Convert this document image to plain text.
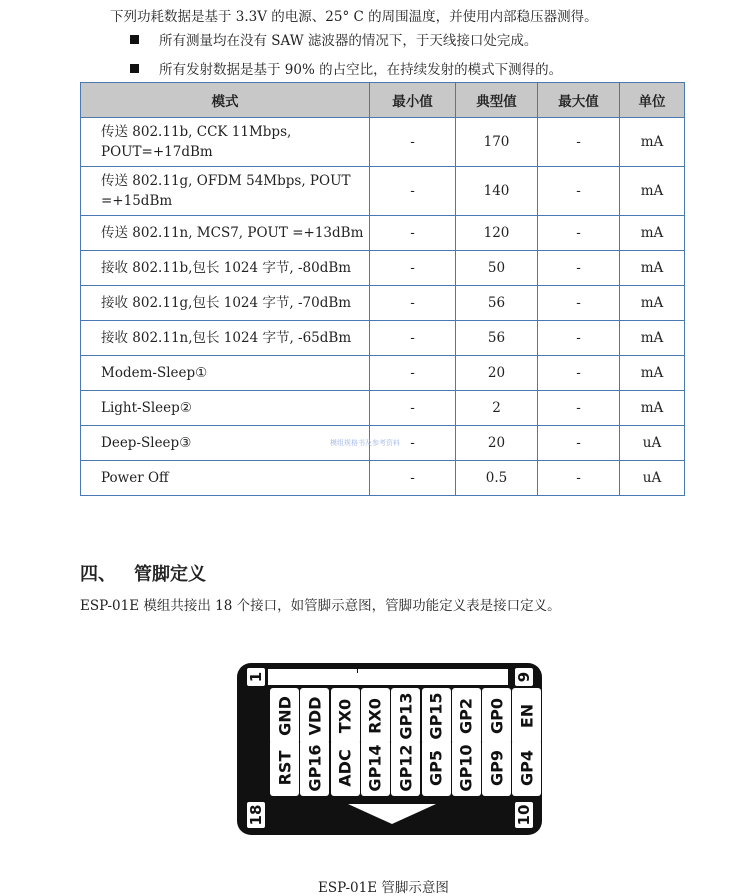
下列功耗数据是基于 3.3V 的电源、25° C 的周围温度，并使用内部稳压器测得。
所有测量均在没有 SAW 滤波器的情况下，于天线接口处完成。
所有发射数据是基于 90% 的占空比，在持续发射的模式下测得的。
模式	最小值	典型值	最大值	单位
传送 802.11b, CCK 11Mbps, POUT=+17dBm	-	170	-	mA
传送 802.11g, OFDM 54Mbps, POUT =+15dBm	-	140	-	mA
传送 802.11n, MCS7, POUT =+13dBm	-	120	-	mA
接收 802.11b,包长 1024 字节, -80dBm	-	50	-	mA
接收 802.11g,包长 1024 字节, -70dBm	-	56	-	mA
接收 802.11n,包长 1024 字节, -65dBm	-	56	-	mA
Modem-Sleep①	-	20	-	mA
Light-Sleep②	-	2	-	mA
Deep-Sleep③	-	20	-	uA
Power Off	-	0.5	-	uA
模组规格书及参考资料
四、 管脚定义
ESP-01E 模组共接出 18 个接口，如管脚示意图，管脚功能定义表是接口定义。
1	9
18	10
GND VDD TX0 RX0 GP13 GP15 GP2 GP0 EN
RST GP16 ADC GP14 GP12 GP5 GP10 GP9 GP4
ESP-01E 管脚示意图
